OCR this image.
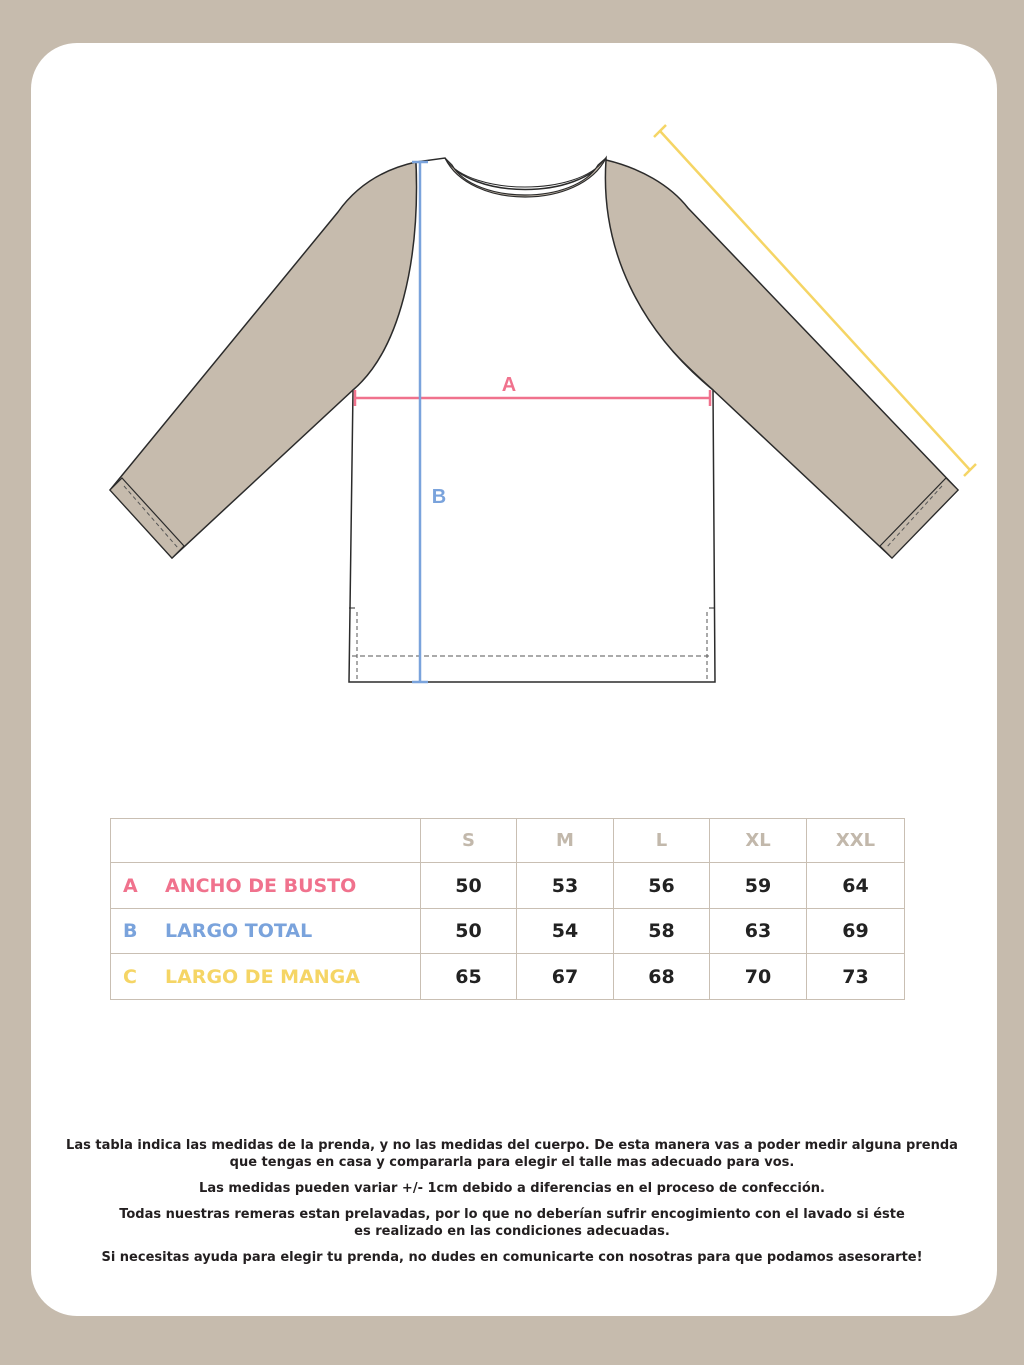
A
B
	S	M	L	XL	XXL
A ANCHO DE BUSTO	50	53	56	59	64
B LARGO TOTAL	50	54	58	63	69
C LARGO DE MANGA	65	67	68	70	73

Las tabla indica las medidas de la prenda, y no las medidas del cuerpo. De esta manera vas a poder medir alguna prenda
que tengas en casa y compararla para elegir el talle mas adecuado para vos.

Las medidas pueden variar +/- 1cm debido a diferencias en el proceso de confección.

Todas nuestras remeras estan prelavadas, por lo que no deberían sufrir encogimiento con el lavado si éste
es realizado en las condiciones adecuadas.

Si necesitas ayuda para elegir tu prenda, no dudes en comunicarte con nosotras para que podamos asesorarte!
